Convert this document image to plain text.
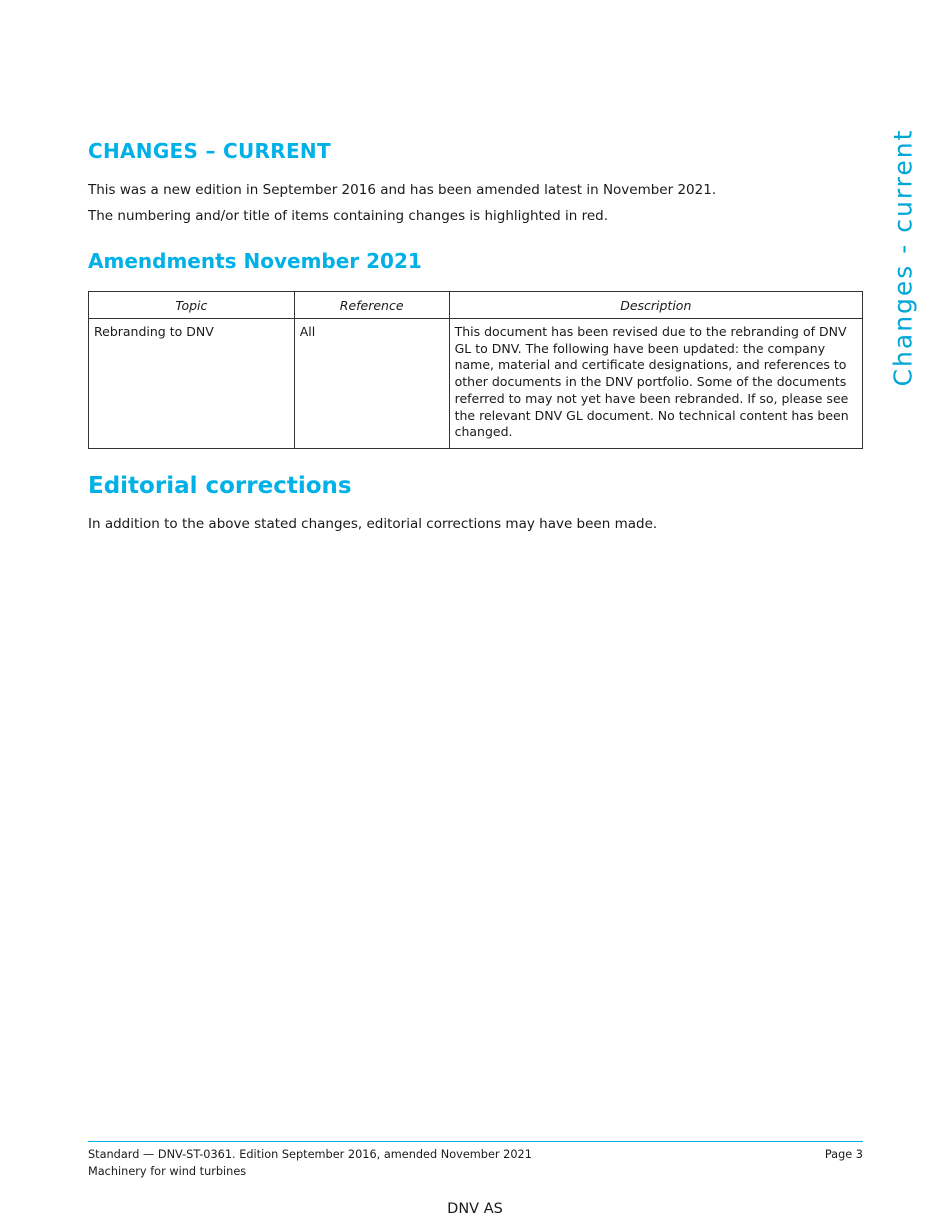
Changes - current
CHANGES – CURRENT

This was a new edition in September 2016 and has been amended latest in November 2021.

The numbering and/or title of items containing changes is highlighted in red.

Amendments November 2021
Topic	Reference	Description
Rebranding to DNV	All	This document has been revised due to the rebranding of DNV GL to DNV. The following have been updated: the company name, material and certificate designations, and references to other documents in the DNV portfolio. Some of the documents referred to may not yet have been rebranded. If so, please see the relevant DNV GL document. No technical content has been changed.
Editorial corrections

In addition to the above stated changes, editorial corrections may have been made.

Standard — DNV-ST-0361. Edition September 2016, amended November 2021	Page 3
Machinery for wind turbines
DNV AS
